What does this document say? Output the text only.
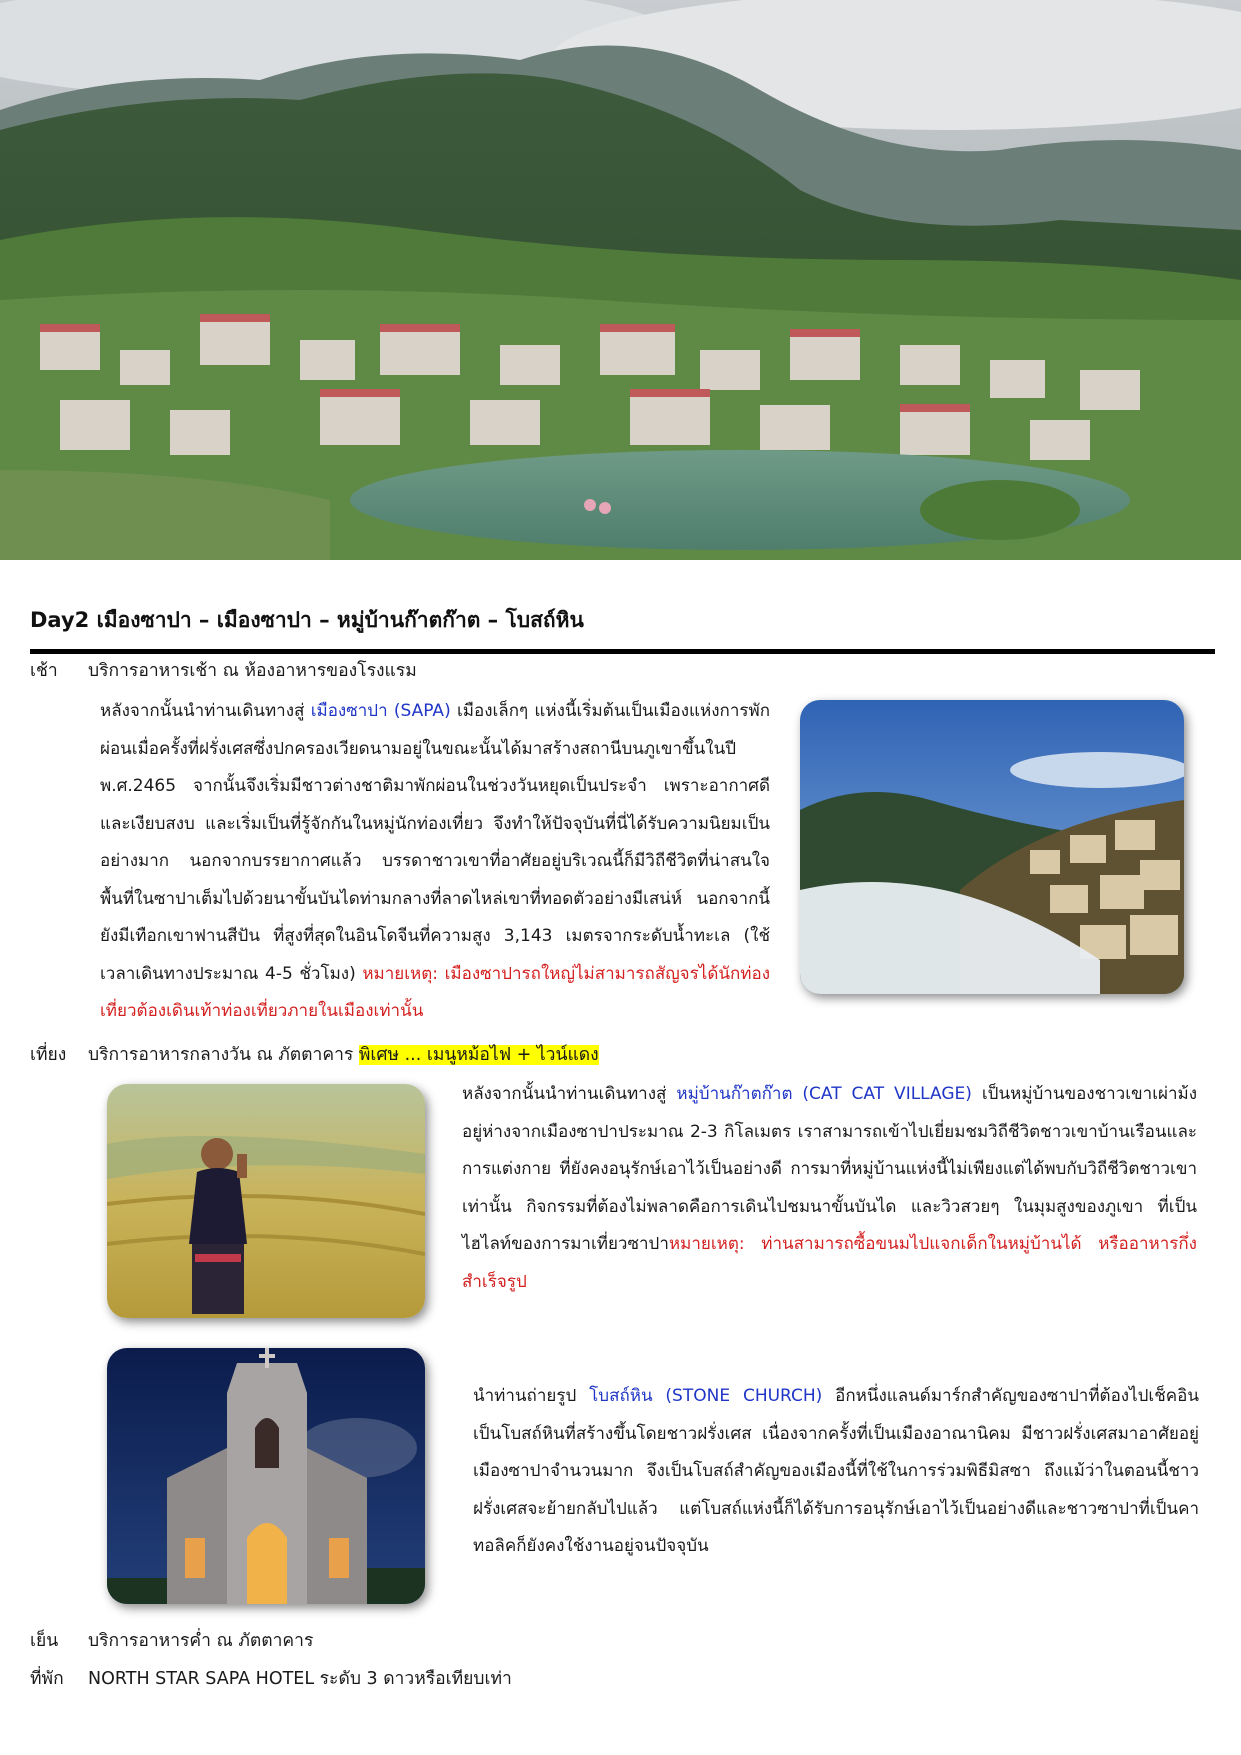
Day2 เมืองซาปา – เมืองซาปา – หมู่บ้านก๊าตก๊าต – โบสถ์หิน
เช้า บริการอาหารเช้า ณ ห้องอาหารของโรงแรม

หลังจากนั้นนำท่านเดินทางสู่ เมืองซาปา (SAPA) เมืองเล็กๆ แห่งนี้เริ่มต้นเป็นเมืองแห่งการพักผ่อนเมื่อครั้งที่ฝรั่งเศสซึ่งปกครองเวียดนามอยู่ในขณะนั้นได้มาสร้างสถานีบนภูเขาขึ้นในปี พ.ศ.2465 จากนั้นจึงเริ่มมีชาวต่างชาติมาพักผ่อนในช่วงวันหยุดเป็นประจำ เพราะอากาศดีและเงียบสงบ และเริ่มเป็นที่รู้จักกันในหมู่นักท่องเที่ยว จึงทำให้ปัจจุบันที่นี่ได้รับความนิยมเป็นอย่างมาก นอกจากบรรยากาศแล้ว บรรดาชาวเขาที่อาศัยอยู่บริเวณนี้ก็มีวิถีชีวิตที่น่าสนใจ พื้นที่ในซาปาเต็มไปด้วยนาขั้นบันไดท่ามกลางที่ลาดไหล่เขาที่ทอดตัวอย่างมีเสน่ห์ นอกจากนี้ยังมีเทือกเขาฟานสีปัน ที่สูงที่สุดในอินโดจีนที่ความสูง 3,143 เมตรจากระดับน้ำทะเล (ใช้เวลาเดินทางประมาณ 4-5 ชั่วโมง) หมายเหตุ: เมืองซาปารถใหญ่ไม่สามารถสัญจรได้นักท่องเที่ยวต้องเดินเท้าท่องเที่ยวภายในเมืองเท่านั้น

เที่ยง บริการอาหารกลางวัน ณ ภัตตาคาร พิเศษ ... เมนูหม้อไฟ + ไวน์แดง

หลังจากนั้นนำท่านเดินทางสู่ หมู่บ้านก๊าตก๊าต (CAT CAT VILLAGE) เป็นหมู่บ้านของชาวเขาเผ่าม้ง อยู่ห่างจากเมืองซาปาประมาณ 2-3 กิโลเมตร เราสามารถเข้าไปเยี่ยมชมวิถีชีวิตชาวเขาบ้านเรือนและการแต่งกาย ที่ยังคงอนุรักษ์เอาไว้เป็นอย่างดี การมาที่หมู่บ้านแห่งนี้ไม่เพียงแต่ได้พบกับวิถีชีวิตชาวเขาเท่านั้น กิจกรรมที่ต้องไม่พลาดคือการเดินไปชมนาขั้นบันได และวิวสวยๆ ในมุมสูงของภูเขา ที่เป็นไฮไลท์ของการมาเที่ยวซาปาหมายเหตุ: ท่านสามารถซื้อขนมไปแจกเด็กในหมู่บ้านได้ หรืออาหารกึ่งสำเร็จรูป

นำท่านถ่ายรูป โบสถ์หิน (STONE CHURCH) อีกหนึ่งแลนด์มาร์กสำคัญของซาปาที่ต้องไปเช็คอิน เป็นโบสถ์หินที่สร้างขึ้นโดยชาวฝรั่งเศส เนื่องจากครั้งที่เป็นเมืองอาณานิคม มีชาวฝรั่งเศสมาอาศัยอยู่เมืองซาปาจำนวนมาก จึงเป็นโบสถ์สำคัญของเมืองนี้ที่ใช้ในการร่วมพิธีมิสซา ถึงแม้ว่าในตอนนี้ชาวฝรั่งเศสจะย้ายกลับไปแล้ว แต่โบสถ์แห่งนี้ก็ได้รับการอนุรักษ์เอาไว้เป็นอย่างดีและชาวซาปาที่เป็นคาทอลิคก็ยังคงใช้งานอยู่จนปัจจุบัน

เย็น บริการอาหารค่ำ ณ ภัตตาคาร
ที่พัก NORTH STAR SAPA HOTEL ระดับ 3 ดาวหรือเทียบเท่า
